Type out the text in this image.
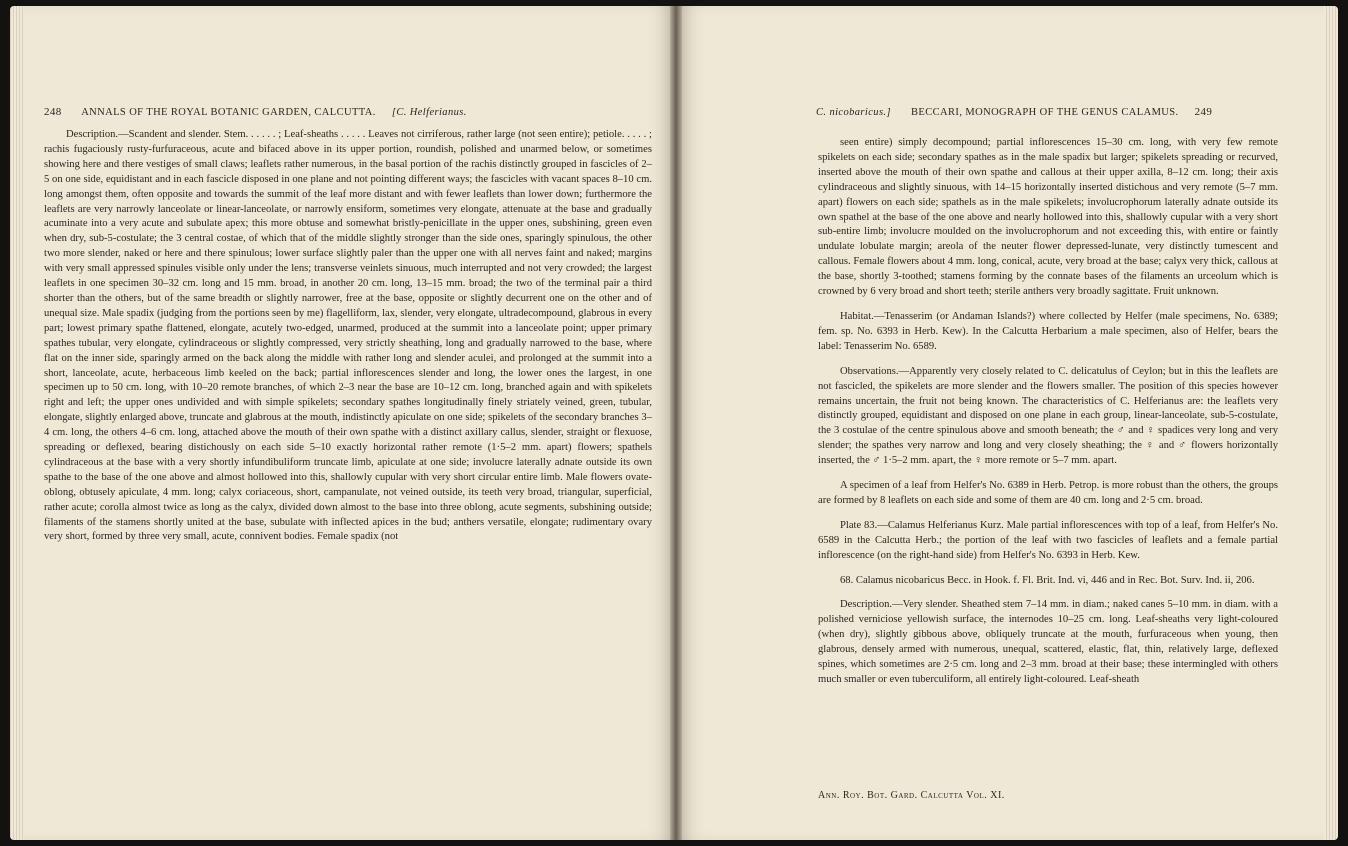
248 ANNALS OF THE ROYAL BOTANIC GARDEN, CALCUTTA. [C. Helferianus.

Description.—Scandent and slender. Stem. . . . . . ; Leaf-sheaths . . . . . Leaves not cirriferous, rather large (not seen entire); petiole. . . . . ; rachis fugaciously rusty-furfuraceous, acute and bifaced above in its upper portion, roundish, polished and unarmed below, or sometimes showing here and there vestiges of small claws; leaflets rather numerous, in the basal portion of the rachis distinctly grouped in fascicles of 2–5 on one side, equidistant and in each fascicle disposed in one plane and not pointing different ways; the fascicles with vacant spaces 8–10 cm. long amongst them, often opposite and towards the summit of the leaf more distant and with fewer leaflets than lower down; furthermore the leaflets are very narrowly lanceolate or linear-lanceolate, or narrowly ensiform, sometimes very elongate, attenuate at the base and gradually acuminate into a very acute and subulate apex; this more obtuse and somewhat bristly-penicillate in the upper ones, subshining, green even when dry, sub-5-costulate; the 3 central costae, of which that of the middle slightly stronger than the side ones, sparingly spinulous, the other two more slender, naked or here and there spinulous; lower surface slightly paler than the upper one with all nerves faint and naked; margins with very small appressed spinules visible only under the lens; transverse veinlets sinuous, much interrupted and not very crowded; the largest leaflets in one specimen 30–32 cm. long and 15 mm. broad, in another 20 cm. long, 13–15 mm. broad; the two of the terminal pair a third shorter than the others, but of the same breadth or slightly narrower, free at the base, opposite or slightly decurrent one on the other and of unequal size. Male spadix (judging from the portions seen by me) flagelliform, lax, slender, very elongate, ultradecompound, glabrous in every part; lowest primary spathe flattened, elongate, acutely two-edged, unarmed, produced at the summit into a lanceolate point; upper primary spathes tubular, very elongate, cylindraceous or slightly compressed, very strictly sheathing, long and gradually narrowed to the base, where flat on the inner side, sparingly armed on the back along the middle with rather long and slender aculei, and prolonged at the summit into a short, lanceolate, acute, herbaceous limb keeled on the back; partial inflorescences slender and long, the lower ones the largest, in one specimen up to 50 cm. long, with 10–20 remote branches, of which 2–3 near the base are 10–12 cm. long, branched again and with spikelets right and left; the upper ones undivided and with simple spikelets; secondary spathes longitudinally finely striately veined, green, tubular, elongate, slightly enlarged above, truncate and glabrous at the mouth, indistinctly apiculate on one side; spikelets of the secondary branches 3–4 cm. long, the others 4–6 cm. long, attached above the mouth of their own spathe with a distinct axillary callus, slender, straight or flexuose, spreading or deflexed, bearing distichously on each side 5–10 exactly horizontal rather remote (1·5–2 mm. apart) flowers; spathels cylindraceous at the base with a very shortly infundibuliform truncate limb, apiculate at one side; involucre laterally adnate outside its own spathe to the base of the one above and almost hollowed into this, shallowly cupular with very short circular entire limb. Male flowers ovate-oblong, obtusely apiculate, 4 mm. long; calyx coriaceous, short, campanulate, not veined outside, its teeth very broad, triangular, superficial, rather acute; corolla almost twice as long as the calyx, divided down almost to the base into three oblong, acute segments, subshining outside; filaments of the stamens shortly united at the base, subulate with inflected apices in the bud; anthers versatile, elongate; rudimentary ovary very short, formed by three very small, acute, connivent bodies. Female spadix (not

C. nicobaricus.] BECCARI, MONOGRAPH OF THE GENUS CALAMUS. 249

seen entire) simply decompound; partial inflorescences 15–30 cm. long, with very few remote spikelets on each side; secondary spathes as in the male spadix but larger; spikelets spreading or recurved, inserted above the mouth of their own spathe and callous at their upper axilla, 8–12 cm. long; their axis cylindraceous and slightly sinuous, with 14–15 horizontally inserted distichous and very remote (5–7 mm. apart) flowers on each side; spathels as in the male spikelets; involucrophorum laterally adnate outside its own spathel at the base of the one above and nearly hollowed into this, shallowly cupular with a very short sub-entire limb; involucre moulded on the involucrophorum and not exceeding this, with entire or faintly undulate lobulate margin; areola of the neuter flower depressed-lunate, very distinctly tumescent and callous. Female flowers about 4 mm. long, conical, acute, very broad at the base; calyx very thick, callous at the base, shortly 3-toothed; stamens forming by the connate bases of the filaments an urceolum which is crowned by 6 very broad and short teeth; sterile anthers very broadly sagittate. Fruit unknown.

Habitat.—Tenasserim (or Andaman Islands?) where collected by Helfer (male specimens, No. 6389; fem. sp. No. 6393 in Herb. Kew). In the Calcutta Herbarium a male specimen, also of Helfer, bears the label: Tenasserim No. 6589.

Observations.—Apparently very closely related to C. delicatulus of Ceylon; but in this the leaflets are not fascicled, the spikelets are more slender and the flowers smaller. The position of this species however remains uncertain, the fruit not being known. The characteristics of C. Helferianus are: the leaflets very distinctly grouped, equidistant and disposed on one plane in each group, linear-lanceolate, sub-5-costulate, the 3 costulae of the centre spinulous above and smooth beneath; the ♂ and ♀ spadices very long and very slender; the spathes very narrow and long and very closely sheathing; the ♀ and ♂ flowers horizontally inserted, the ♂ 1·5–2 mm. apart, the ♀ more remote or 5–7 mm. apart.

A specimen of a leaf from Helfer's No. 6389 in Herb. Petrop. is more robust than the others, the groups are formed by 8 leaflets on each side and some of them are 40 cm. long and 2·5 cm. broad.

Plate 83.—Calamus Helferianus Kurz. Male partial inflorescences with top of a leaf, from Helfer's No. 6589 in the Calcutta Herb.; the portion of the leaf with two fascicles of leaflets and a female partial inflorescence (on the right-hand side) from Helfer's No. 6393 in Herb. Kew.

68. Calamus nicobaricus Becc. in Hook. f. Fl. Brit. Ind. vi, 446 and in Rec. Bot. Surv. Ind. ii, 206.

Description.—Very slender. Sheathed stem 7–14 mm. in diam.; naked canes 5–10 mm. in diam. with a polished verniciose yellowish surface, the internodes 10–25 cm. long. Leaf-sheaths very light-coloured (when dry), slightly gibbous above, obliquely truncate at the mouth, furfuraceous when young, then glabrous, densely armed with numerous, unequal, scattered, elastic, flat, thin, relatively large, deflexed spines, which sometimes are 2·5 cm. long and 2–3 mm. broad at their base; these intermingled with others much smaller or even tuberculiform, all entirely light-coloured. Leaf-sheath

Ann. Roy. Bot. Gard. Calcutta Vol. XI.
